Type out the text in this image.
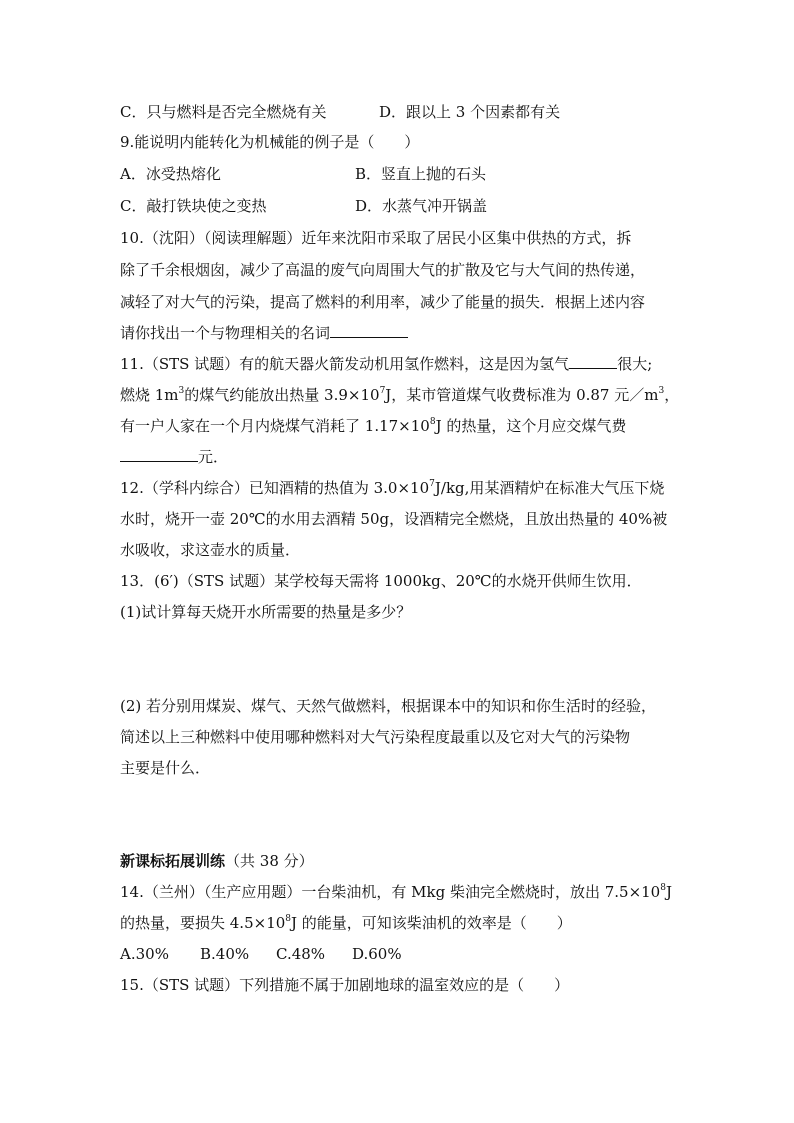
C．只与燃料是否完全燃烧有关	D．跟以上 3 个因素都有关
9.能说明内能转化为机械能的例子是（　　）
A．冰受热熔化	B．竖直上抛的石头
C．敲打铁块使之变热	D．水蒸气冲开锅盖
10.（沈阳）（阅读理解题）近年来沈阳市采取了居民小区集中供热的方式，拆
除了千余根烟囱，减少了高温的废气向周围大气的扩散及它与大气间的热传递，
减轻了对大气的污染，提高了燃料的利用率，减少了能量的损失．根据上述内容
请你找出一个与物理相关的名词
11.（STS 试题）有的航天器火箭发动机用氢作燃料，这是因为氢气	很大;
燃烧 $1m^3$的煤气约能放出热量 $3.9\times 10^7J$，某市管道煤气收费标准为 0.87 元$/m^3$，
有一户人家在一个月内烧煤气消耗了 $1.17\times 10^8J$ 的热量，这个月应交煤气费
元．
12.（学科内综合）已知酒精的热值为 $3.0\times 10^7J/kg$,用某酒精炉在标准大气压下烧
水时，烧开一壶 20℃的水用去酒精 50g，设酒精完全燃烧，且放出热量的 40%被
水吸收，求这壶水的质量．
13．(6′)（STS 试题）某学校每天需将 1000kg、20℃的水烧开供师生饮用．
(1)试计算每天烧开水所需要的热量是多少？
(2) 若分别用煤炭、煤气、天然气做燃料，根据课本中的知识和你生活时的经验，
简述以上三种燃料中使用哪种燃料对大气污染程度最重以及它对大气的污染物
主要是什么．
新课标拓展训练（共 38 分）
14.（兰州）（生产应用题）一台柴油机，有 Mkg 柴油完全燃烧时，放出 $7.5\times 10^8J$
的热量，要损失 $4.5\times 10^8J$ 的能量，可知该柴油机的效率是（　　）
A.30% B.40% C.48% D.60%
15.（STS 试题）下列措施不属于加剧地球的温室效应的是（　　）
